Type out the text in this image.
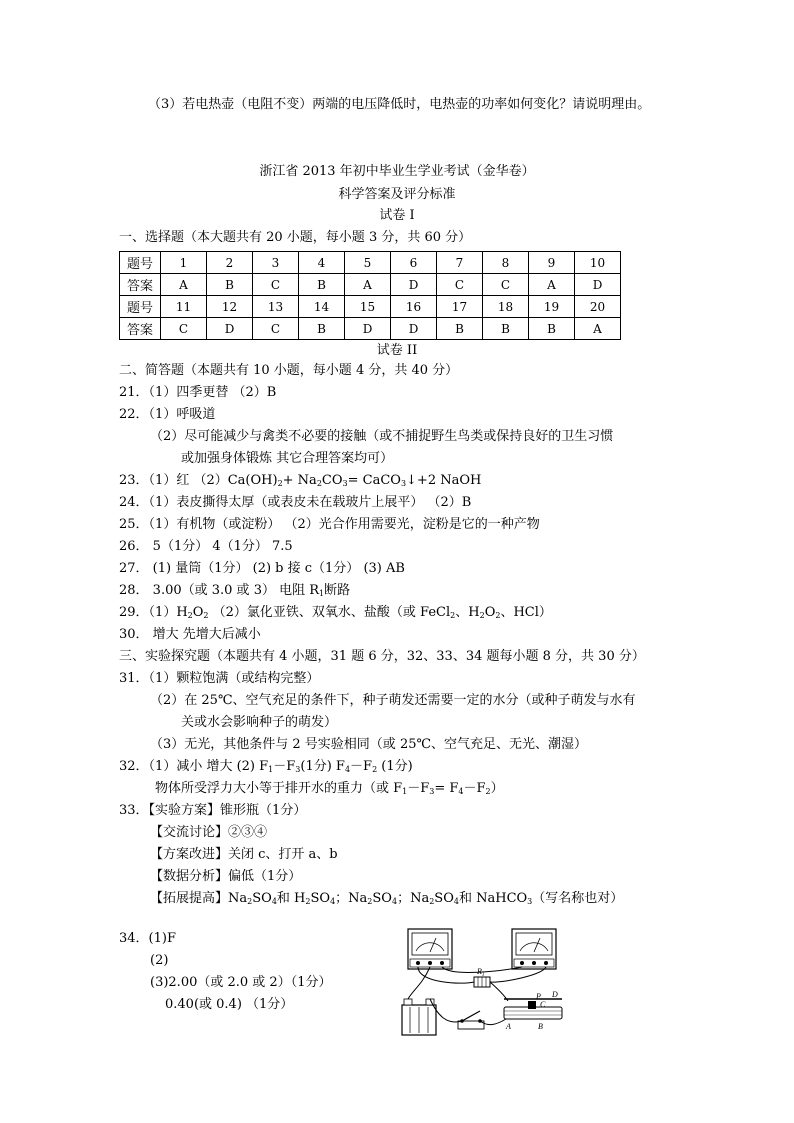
（3）若电热壶（电阻不变）两端的电压降低时，电热壶的功率如何变化？请说明理由。
浙江省 2013 年初中毕业生学业考试（金华卷）
科学答案及评分标准
试卷 I
一、选择题（本大题共有 20 小题，每小题 3 分，共 60 分）
题号	1	2	3	4	5	6	7	8	9	10
答案	A	B	C	B	A	D	C	C	A	D
题号	11	12	13	14	15	16	17	18	19	20
答案	C	D	C	B	D	D	B	B	B	A
试卷 II
二、简答题（本题共有 10 小题，每小题 4 分，共 40 分）
21．（1）四季更替 （2）B
22．（1）呼吸道
（2）尽可能减少与禽类不必要的接触（或不捕捉野生鸟类或保持良好的卫生习惯
或加强身体锻炼 其它合理答案均可）
23．（1）红 $(2)Ca(OH)_2+ Na_2CO_3=$ CaCO$_3$↓+2 NaOH
24．（1）表皮撕得太厚（或表皮未在载玻片上展平） （2）B
25．（1）有机物（或淀粉） （2）光合作用需要光，淀粉是它的一种产物
26． 5（1分） 4（1分） 7.5
27． (1) 量筒（1分） (2) b 接 c（1分） (3) AB
28． 3.00（或 3.0 或 3） 电阻 $R_1$断路
29．$(1)H_2O_2$ （2）氯化亚铁、双氧水、盐酸（或 FeCl$_2$、$H_2O_2$、HCl）
30． 增大 先增大后减小
三、实验探究题（本题共有 4 小题，31 题 6 分，32、33、34 题每小题 8 分，共 30 分）
31．（1）颗粒饱满（或结构完整）
（2）在 25℃、空气充足的条件下，种子萌发还需要一定的水分（或种子萌发与水有
关或水会影响种子的萌发）
（3）无光，其他条件与 2 号实验相同（或 25℃、空气充足、无光、潮湿）
32．（1）减小 增大 (2) $F_1-F_3(1$分) $F_4-F_2$ (1分)
物体所受浮力大小等于排开水的重力（或 $F_1-F_3= F_4-F_2$）
33．【实验方案】锥形瓶（1分）
【交流讨论】②③④
【方案改进】关闭 c、打开 a、b
【数据分析】偏低（1分）
【拓展提高】$Na_2SO_4$和 $H_2SO_4$；$Na_2SO_4$；$Na_2SO_4$和 NaHCO$_3$（写名称也对）
34．(1)F
(2)
(3)2.00（或 2.0 或 2）（1分）
0.40(或 0.4) （1分）
$R_1$
P
C
D
A	B
